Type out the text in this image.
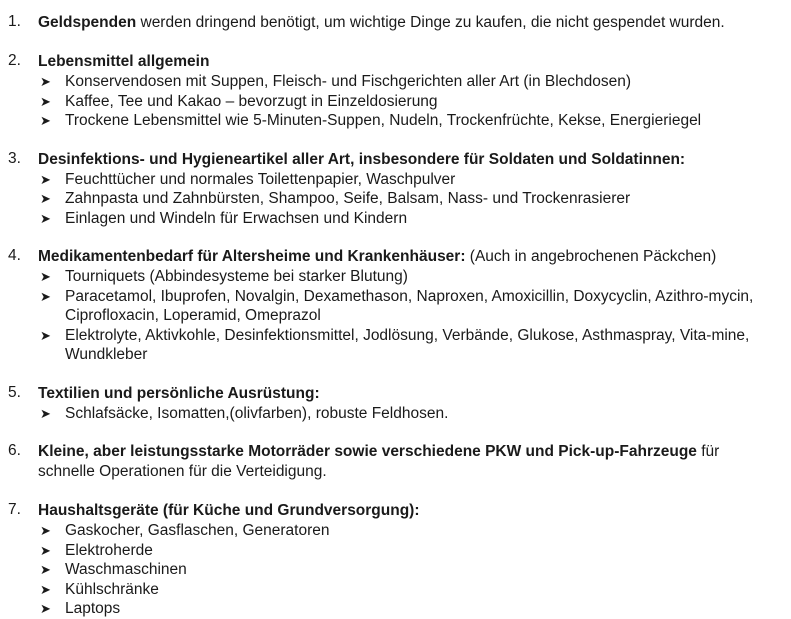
1.	Geldspenden werden dringend benötigt, um wichtige Dinge zu kaufen, die nicht gespendet wurden.
2.	Lebensmittel allgemein
➤ Konservendosen mit Suppen, Fleisch- und Fischgerichten aller Art (in Blechdosen)
➤ Kaffee, Tee und Kakao – bevorzugt in Einzeldosierung
➤ Trockene Lebensmittel wie 5-Minuten-Suppen, Nudeln, Trockenfrüchte, Kekse, Energieriegel
3.	Desinfektions- und Hygieneartikel aller Art, insbesondere für Soldaten und Soldatinnen:
➤ Feuchttücher und normales Toilettenpapier, Waschpulver
➤ Zahnpasta und Zahnbürsten, Shampoo, Seife, Balsam, Nass- und Trockenrasierer
➤ Einlagen und Windeln für Erwachsen und Kindern
4.	Medikamentenbedarf für Altersheime und Krankenhäuser: (Auch in angebrochenen Päckchen)
➤ Tourniquets (Abbindesysteme bei starker Blutung)
➤ Paracetamol, Ibuprofen, Novalgin, Dexamethason, Naproxen, Amoxicillin, Doxycyclin, Azithro-mycin, Ciprofloxacin, Loperamid, Omeprazol
➤ Elektrolyte, Aktivkohle, Desinfektionsmittel, Jodlösung, Verbände, Glukose, Asthmaspray, Vita-mine, Wundkleber
5.	Textilien und persönliche Ausrüstung:
➤ Schlafsäcke, Isomatten,(olivfarben), robuste Feldhosen.
6.	Kleine, aber leistungsstarke Motorräder sowie verschiedene PKW und Pick-up-Fahrzeuge für schnelle Operationen für die Verteidigung.
7.	Haushaltsgeräte (für Küche und Grundversorgung):
➤ Gaskocher, Gasflaschen, Generatoren
➤ Elektroherde
➤ Waschmaschinen
➤ Kühlschränke
➤ Laptops
